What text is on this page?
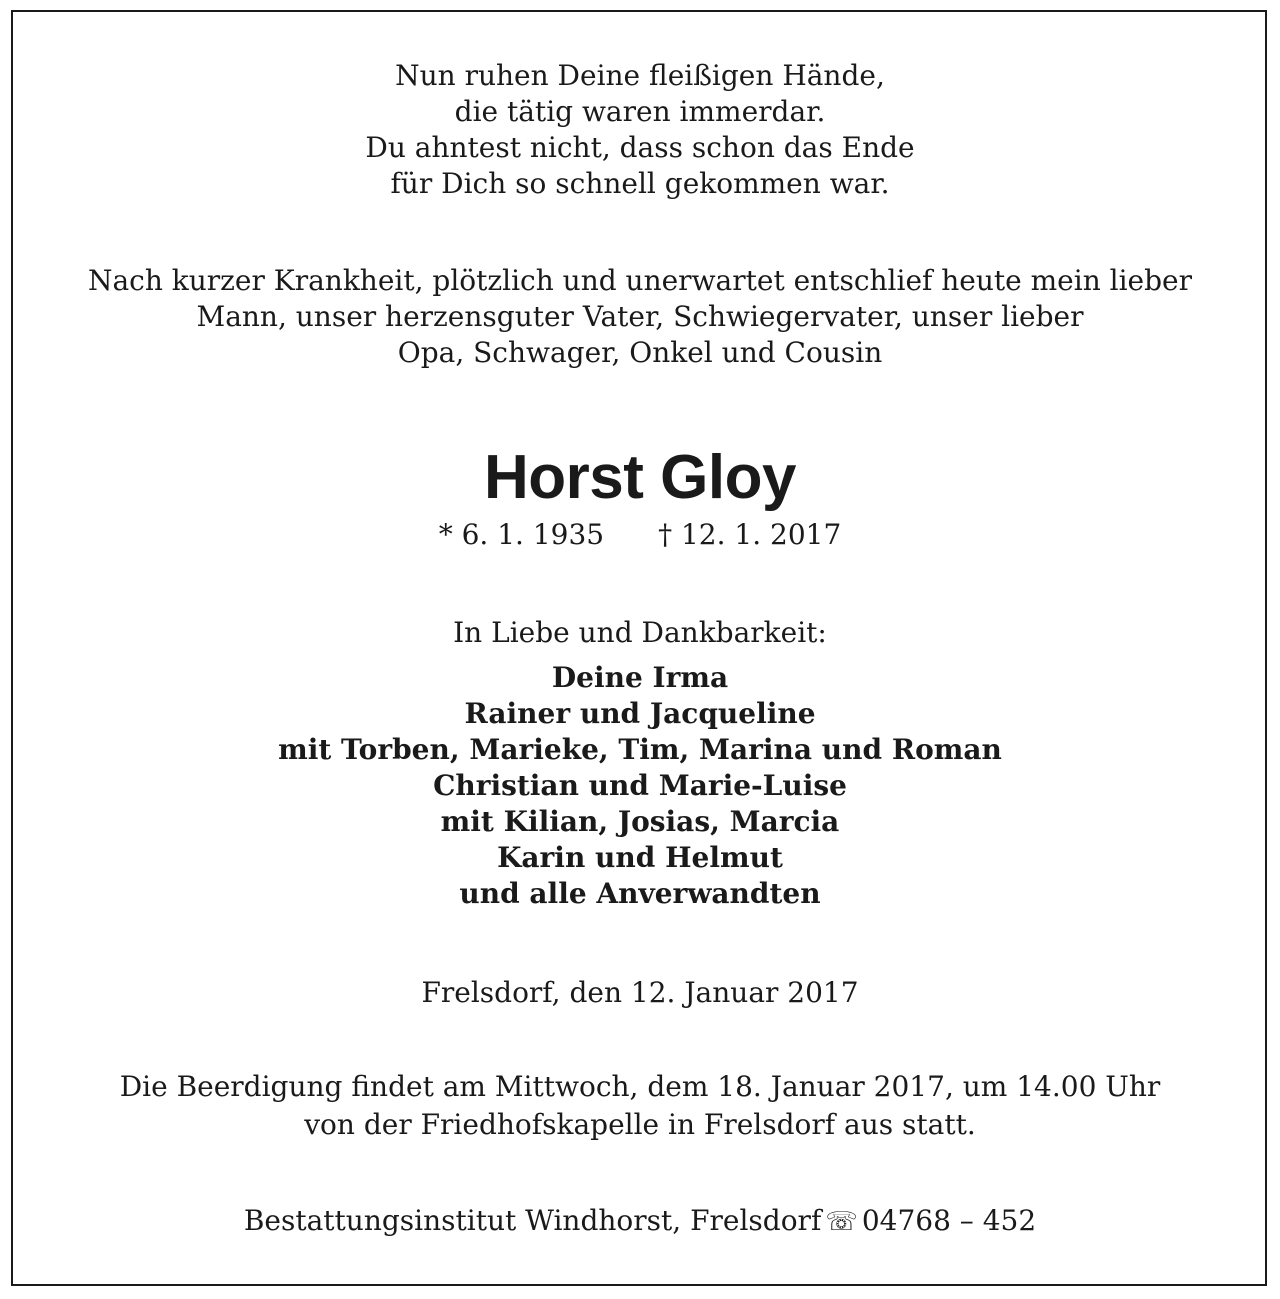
Nun ruhen Deine fleißigen Hände,
die tätig waren immerdar.
Du ahntest nicht, dass schon das Ende
für Dich so schnell gekommen war.
Nach kurzer Krankheit, plötzlich und unerwartet entschlief heute mein lieber
Mann, unser herzensguter Vater, Schwiegervater, unser lieber
Opa, Schwager, Onkel und Cousin
Horst Gloy
* 6. 1. 1935 † 12. 1. 2017
In Liebe und Dankbarkeit:
Deine Irma
Rainer und Jacqueline
mit Torben, Marieke, Tim, Marina und Roman
Christian und Marie-Luise
mit Kilian, Josias, Marcia
Karin und Helmut
und alle Anverwandten
Frelsdorf, den 12. Januar 2017
Die Beerdigung findet am Mittwoch, dem 18. Januar 2017, um 14.00 Uhr
von der Friedhofskapelle in Frelsdorf aus statt.
Bestattungsinstitut Windhorst, Frelsdorf ☏ 04768 – 452
